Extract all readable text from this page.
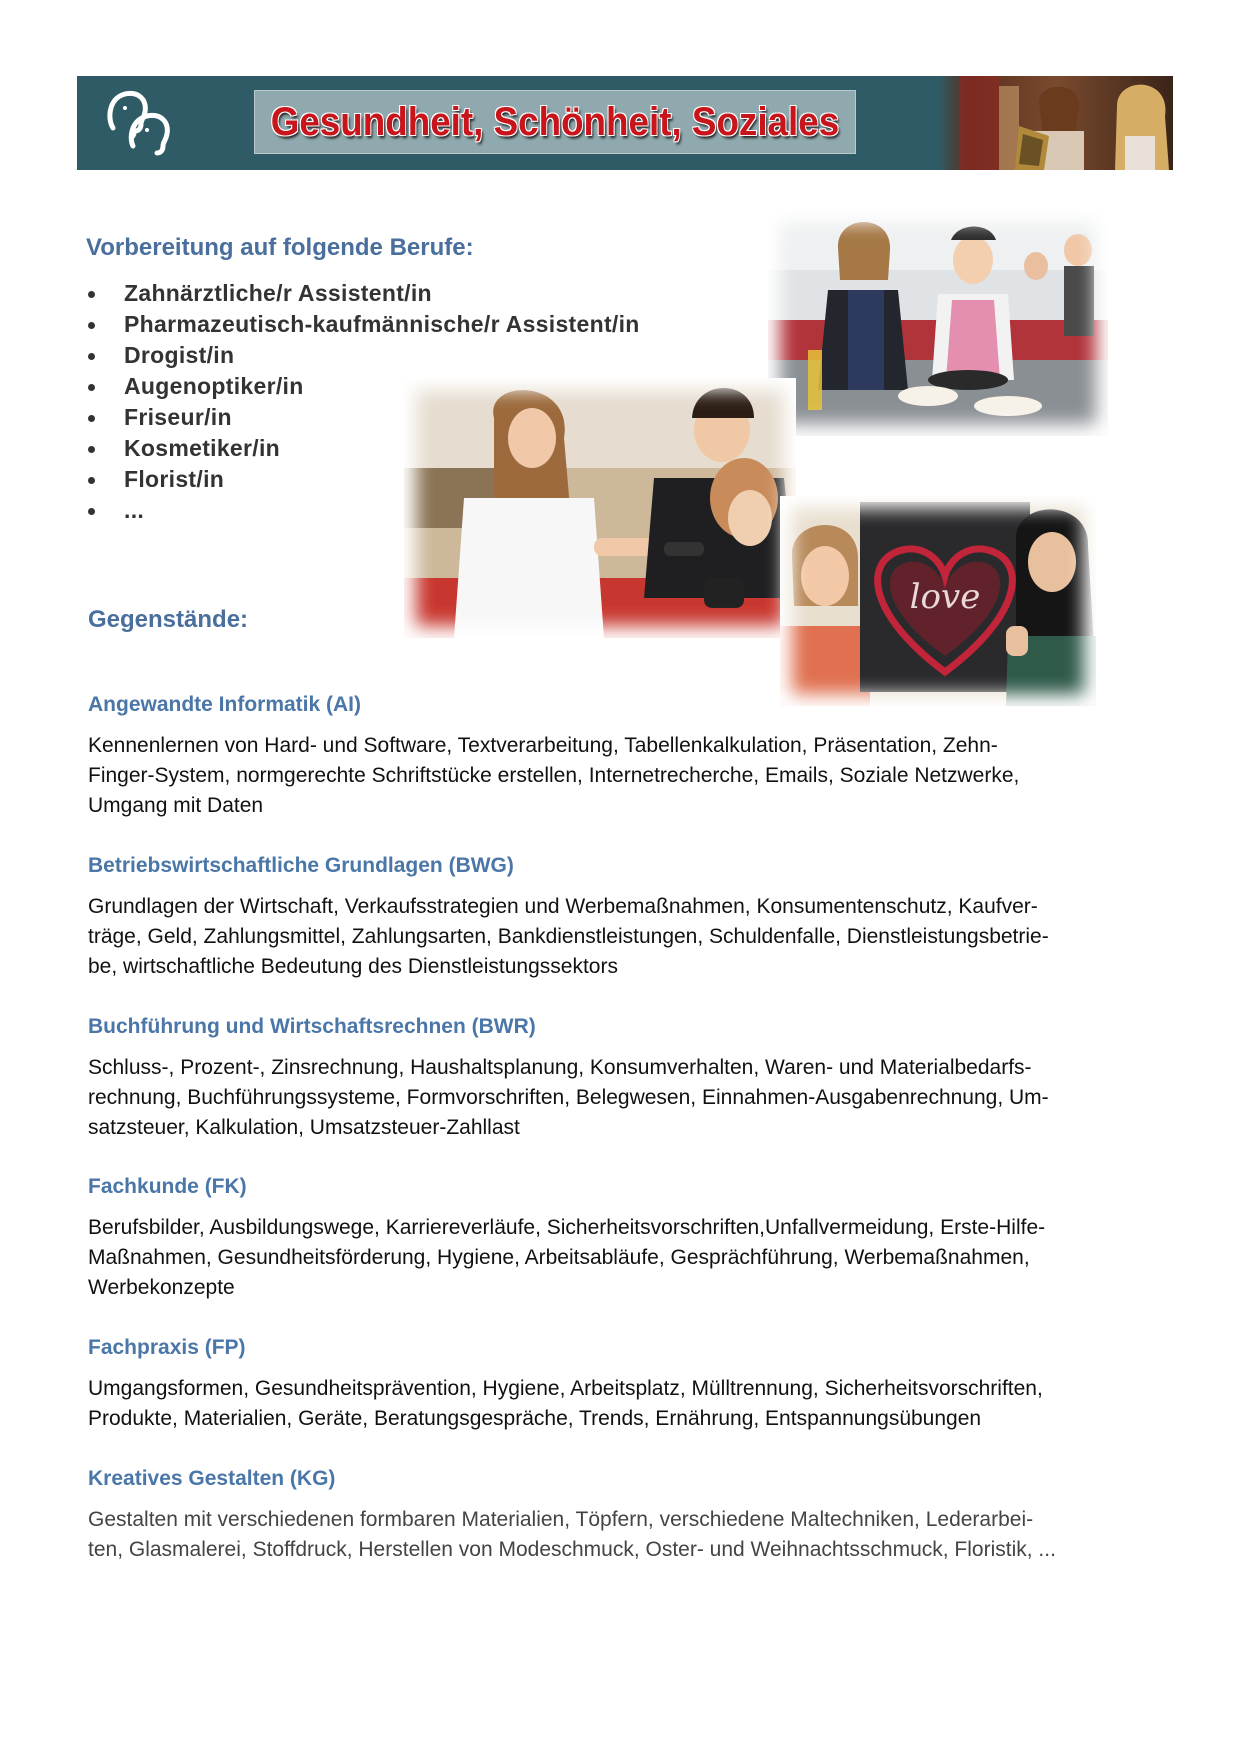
Gesundheit, Schönheit, Soziales
love
Vorbereitung auf folgende Berufe:
Zahnärztliche/r Assistent/in
Pharmazeutisch-kaufmännische/r Assistent/in
Drogist/in
Augenoptiker/in
Friseur/in
Kosmetiker/in
Florist/in
...
Gegenstände:
Angewandte Informatik (AI)
Kennenlernen von Hard- und Software, Textverarbeitung, Tabellenkalkulation, Präsentation, Zehn-
Finger-System, normgerechte Schriftstücke erstellen, Internetrecherche, Emails, Soziale Netzwerke,
Umgang mit Daten
Betriebswirtschaftliche Grundlagen (BWG)
Grundlagen der Wirtschaft, Verkaufsstrategien und Werbemaßnahmen, Konsumentenschutz, Kaufver-
träge, Geld, Zahlungsmittel, Zahlungsarten, Bankdienstleistungen, Schuldenfalle, Dienstleistungsbetrie-
be, wirtschaftliche Bedeutung des Dienstleistungssektors
Buchführung und Wirtschaftsrechnen (BWR)
Schluss-, Prozent-, Zinsrechnung, Haushaltsplanung, Konsumverhalten, Waren- und Materialbedarfs-
rechnung, Buchführungssysteme, Formvorschriften, Belegwesen, Einnahmen-Ausgabenrechnung, Um-
satzsteuer, Kalkulation, Umsatzsteuer-Zahllast
Fachkunde (FK)
Berufsbilder, Ausbildungswege, Karriereverläufe, Sicherheitsvorschriften,Unfallvermeidung, Erste-Hilfe-
Maßnahmen, Gesundheitsförderung, Hygiene, Arbeitsabläufe, Gesprächführung, Werbemaßnahmen,
Werbekonzepte
Fachpraxis (FP)
Umgangsformen, Gesundheitsprävention, Hygiene, Arbeitsplatz, Mülltrennung, Sicherheitsvorschriften,
Produkte, Materialien, Geräte, Beratungsgespräche, Trends, Ernährung, Entspannungsübungen
Kreatives Gestalten (KG)
Gestalten mit verschiedenen formbaren Materialien, Töpfern, verschiedene Maltechniken, Lederarbei-
ten, Glasmalerei, Stoffdruck, Herstellen von Modeschmuck, Oster- und Weihnachtsschmuck, Floristik, ...
